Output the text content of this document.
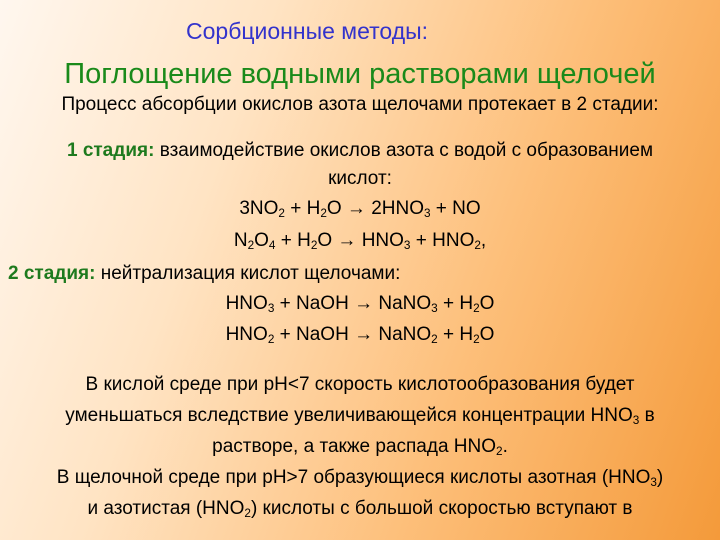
Сорбционные методы:
Поглощение водными растворами щелочей
Процесс абсорбции окислов азота щелочами протекает в 2 стадии:
1 стадия: взаимодействие окислов азота с водой с образованием
кислот:
$3NO_2 + H_2O \to 2HNO_3$ + NO
$N_2O_4 + H_2O \to HNO_3 + HNO_2$,
2 стадия: нейтрализация кислот щелочами:
$HNO_3$ + NaOH → NaNO$_3$ + $H_2O$
$HNO_2$ + NaOH → NaNO$_2$ + $H_2O$
В кислой среде при рН<7 скорость кислотообразования будет
уменьшаться вследствие увеличивающейся концентрации $HNO_3$ в
растворе, а также распада $HNO_2$.
В щелочной среде при рН>7 образующиеся кислоты азотная $(HNO_3)$
и азотистая $(HNO_2)$ кислоты с большой скоростью вступают в
